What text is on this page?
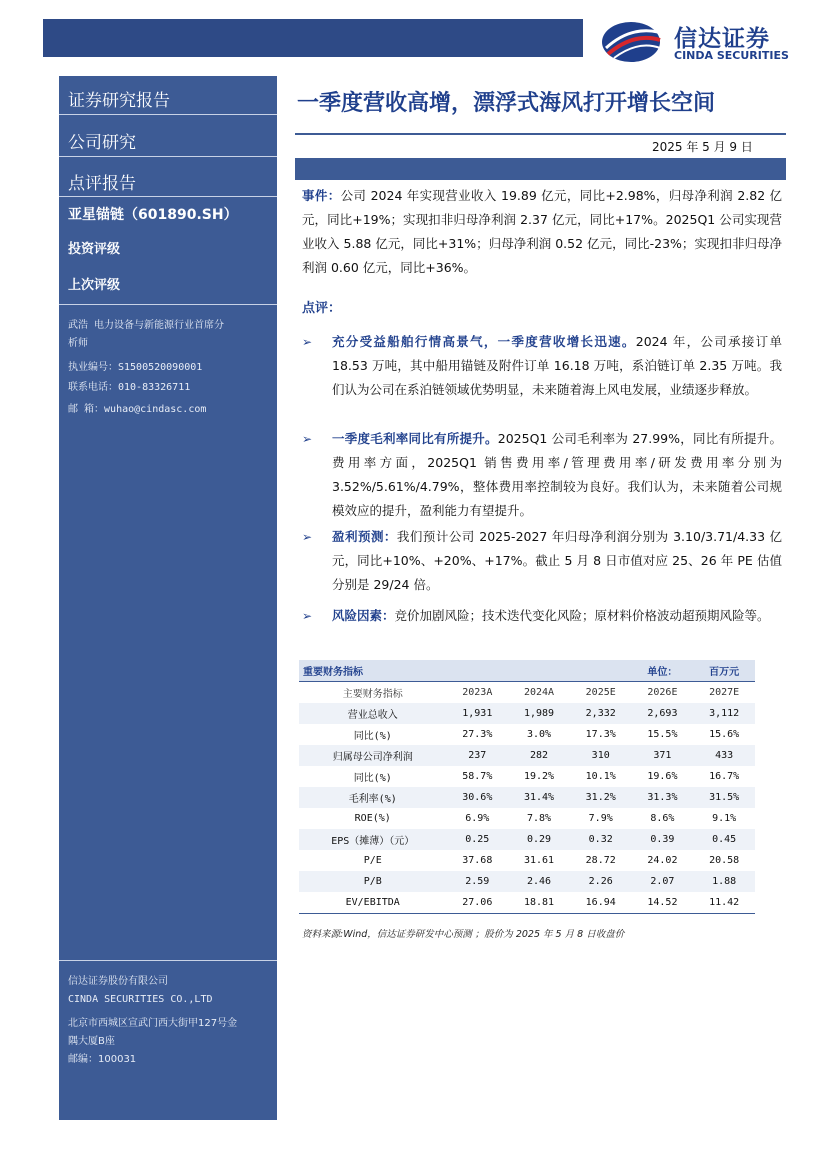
信达证券
CINDA SECURITIES
证券研究报告
公司研究
点评报告
亚星锚链（601890.SH）
投资评级
上次评级
武浩 电力设备与新能源行业首席分
析师
执业编号：S1500520090001
联系电话：010-83326711
邮 箱：wuhao@cindasc.com
信达证券股份有限公司
CINDA SECURITIES CO.,LTD
北京市西城区宣武门西大街甲127号金
隅大厦B座
邮编：100031
一季度营收高增，漂浮式海风打开增长空间
2025 年 5 月 9 日
事件：公司 2024 年实现营业收入 19.89 亿元，同比+2.98%，归母净利润 2.82 亿元，同比+19%；实现扣非归母净利润 2.37 亿元，同比+17%。2025Q1 公司实现营业收入 5.88 亿元，同比+31%；归母净利润 0.52 亿元，同比-23%；实现扣非归母净利润 0.60 亿元，同比+36%。
点评：
➢ 充分受益船舶行情高景气，一季度营收增长迅速。2024 年，公司承接订单 18.53 万吨，其中船用锚链及附件订单 16.18 万吨，系泊链订单 2.35 万吨。我们认为公司在系泊链领域优势明显，未来随着海上风电发展，业绩逐步释放。
➢ 一季度毛利率同比有所提升。2025Q1 公司毛利率为 27.99%，同比有所提升。费用率方面，2025Q1 销售费用率/管理费用率/研发费用率分别为 3.52%/5.61%/4.79%，整体费用率控制较为良好。我们认为，未来随着公司规模效应的提升，盈利能力有望提升。
➢ 盈利预测：我们预计公司 2025-2027 年归母净利润分别为 3.10/3.71/4.33 亿元，同比+10%、+20%、+17%。截止 5 月 8 日市值对应 25、26 年 PE 估值分别是 29/24 倍。
➢ 风险因素：竞价加剧风险；技术迭代变化风险；原材料价格波动超预期风险等。
重要财务指标				单位：	百万元
主要财务指标	2023A	2024A	2025E	2026E	2027E
营业总收入	1,931	1,989	2,332	2,693	3,112
同比(%)	27.3%	3.0%	17.3%	15.5%	15.6%
归属母公司净利润	237	282	310	371	433
同比(%)	58.7%	19.2%	10.1%	19.6%	16.7%
毛利率(%)	30.6%	31.4%	31.2%	31.3%	31.5%
ROE(%)	6.9%	7.8%	7.9%	8.6%	9.1%
EPS（摊薄）（元）	0.25	0.29	0.32	0.39	0.45
P/E	37.68	31.61	28.72	24.02	20.58
P/B	2.59	2.46	2.26	2.07	1.88
EV/EBITDA	27.06	18.81	16.94	14.52	11.42
资料来源:Wind，信达证券研发中心预测 ；股价为 2025 年 5 月 8 日收盘价
